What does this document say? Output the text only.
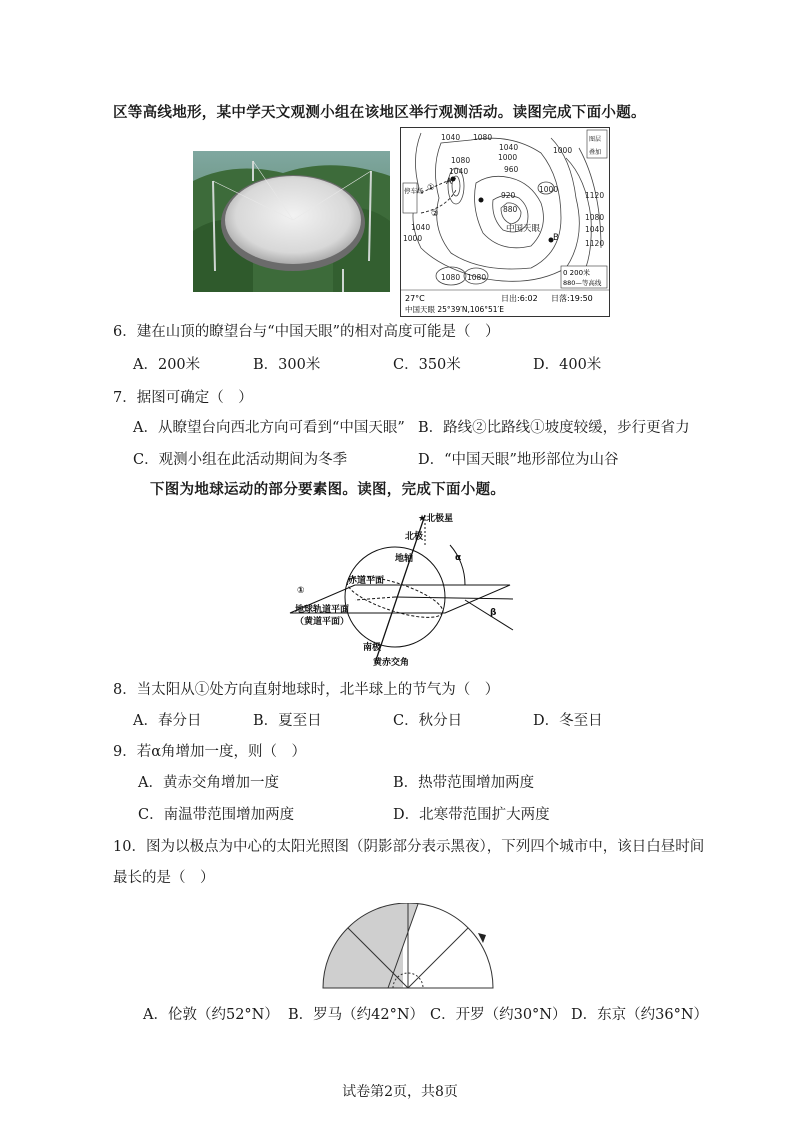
区等高线地形，某中学天文观测小组在该地区举行观测活动。读图完成下面小题。
1040 1080
1080	1000
1040	1000
960
920
880
1000
1040
1120
1080
1120
1040
1000
1040
1080 1080
A
B
①
②
中国天眼
停车场
图层
叠加
0 200米
880—等高线
27°C	日出:6:02 日落:19:50
中国天眼 25°39′N,106°51′E
6．建在山顶的瞭望台与“中国天眼”的相对高度可能是（　）
A．200米	B．300米	C．350米	D．400米
7．据图可确定（　）
A．从瞭望台向西北方向可看到“中国天眼” B．路线②比路线①坡度较缓，步行更省力
C．观测小组在此活动期间为冬季	D．“中国天眼”地形部位为山谷
下图为地球运动的部分要素图。读图，完成下面小题。
★北极星
北极
地轴
赤道平面
α
β
①
地球轨道平面
（黄道平面）
南极
黄赤交角
8．当太阳从①处方向直射地球时，北半球上的节气为（　）
A．春分日	B．夏至日	C．秋分日	D．冬至日
9．若α角增加一度，则（　）
A．黄赤交角增加一度	B．热带范围增加两度
C．南温带范围增加两度	D．北寒带范围扩大两度
10．图为以极点为中心的太阳光照图（阴影部分表示黑夜），下列四个城市中，该日白昼时间
最长的是（　）
A．伦敦（约52°N） B．罗马（约42°N） C．开罗（约30°N） D．东京（约36°N）
试卷第2页，共8页
